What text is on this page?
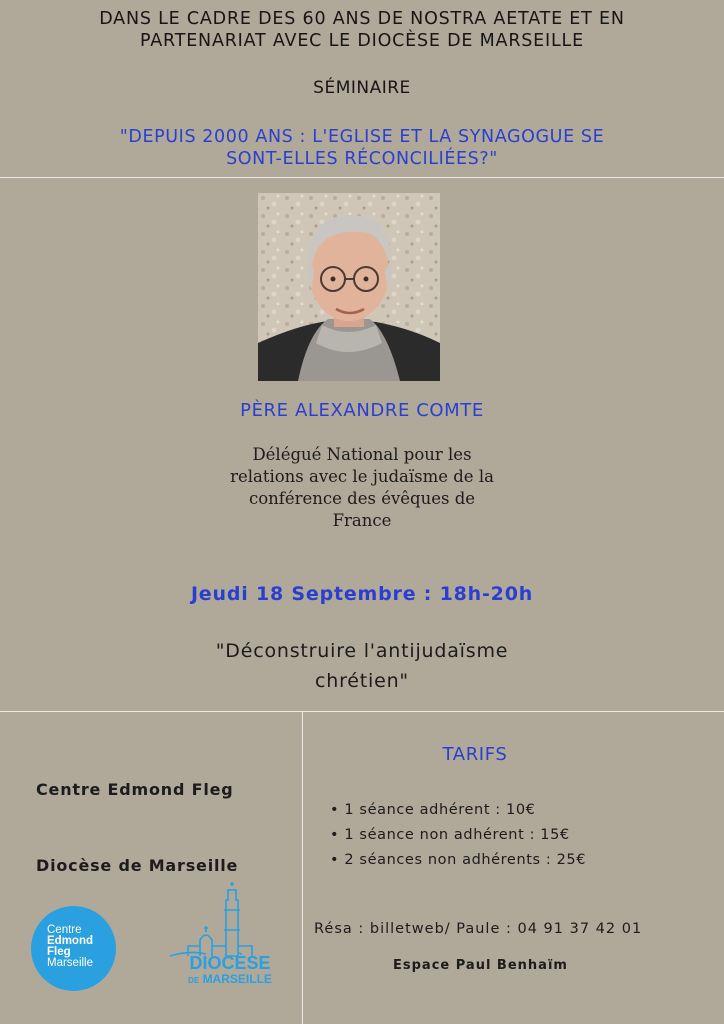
DANS LE CADRE DES 60 ANS DE NOSTRA AETATE ET EN
PARTENARIAT AVEC LE DIOCÈSE DE MARSEILLE
SÉMINAIRE
"DEPUIS 2000 ANS : L'EGLISE ET LA SYNAGOGUE SE
SONT-ELLES RÉCONCILIÉES?"
PÈRE ALEXANDRE COMTE
Délégué National pour les
relations avec le judaïsme de la
conférence des évêques de
France
Jeudi 18 Septembre : 18h-20h
"Déconstruire l'antijudaïsme
chrétien"
Centre Edmond Fleg
Diocèse de Marseille
Centre
Edmond
Fleg
Marseille	DIOCÈSE
DE MARSEILLE
TARIFS
• 1 séance adhérent : 10€
• 1 séance non adhérent : 15€
• 2 séances non adhérents : 25€
Résa : billetweb/ Paule : 04 91 37 42 01
Espace Paul Benhaïm
